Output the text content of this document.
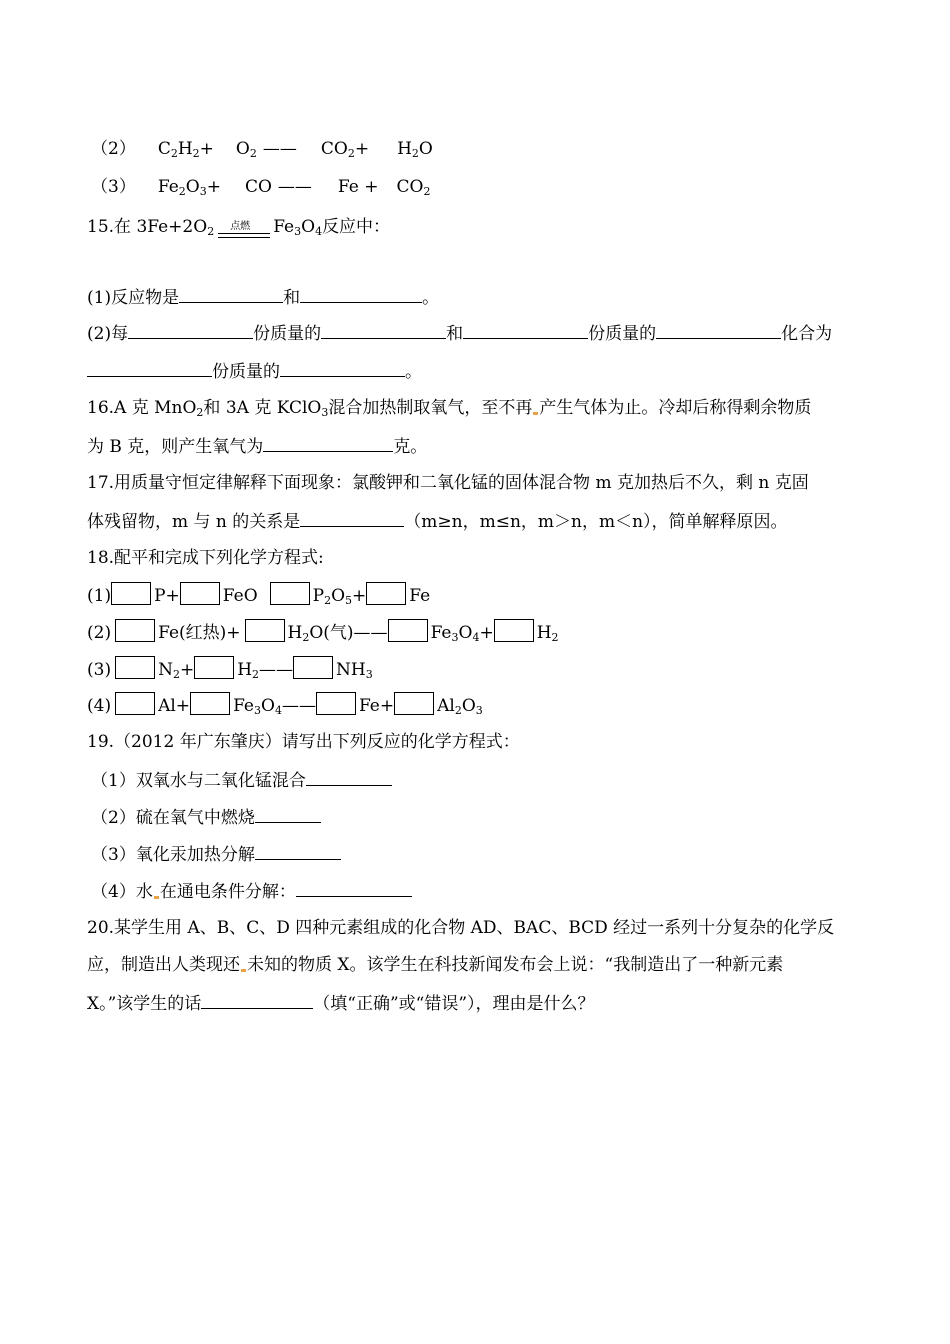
（2） $C_2H_2+ O_2$ —— $CO_2+ H_2O$
（3） $Fe_2O_3+$ CO —— $Fe + CO_2$
15.在 $3Fe+2O_2$ 点燃 $Fe_3O_4$反应中：
(1)反应物是	和	。
(2)每	份质量的	和	份质量的	化合为
份质量的	。
16.A 克 MnO$_2$和 3A 克 KClO$_3$混合加热制取氧气，至不再 产生气体为止。冷却后称得剩余物质
为 B 克，则产生氧气为	克。
17.用质量守恒定律解释下面现象：氯酸钾和二氧化锰的固体混合物 m 克加热后不久，剩 n 克固
体残留物，m 与 n 的关系是	（m≥n，m≤n，m＞n，m＜n），简单解释原因。
18.配平和完成下列化学方程式:
(1)	P+	FeO	$P_2O_5+$	Fe
(2)	Fe(红热)+	$H_2O$(气)——	$Fe_3O_4+$	$H_2$
(3)	$N_2+$	$H_2——$	$NH_3$
(4)	Al+	$Fe_3O_4——$	Fe+	$Al_2O_3$
19.（2012 年广东肇庆）请写出下列反应的化学方程式：
（1）双氧水与二氧化锰混合
（2）硫在氧气中燃烧
（3）氧化汞加热分解
（4）水 在通电条件分解：
20.某学生用 A、B、C、D 四种元素组成的化合物 AD、BAC、BCD 经过一系列十分复杂的化学反
应，制造出人类现还 未知的物质 X。该学生在科技新闻发布会上说：“我制造出了一种新元素
X。”该学生的话	（填“正确”或“错误”），理由是什么？
